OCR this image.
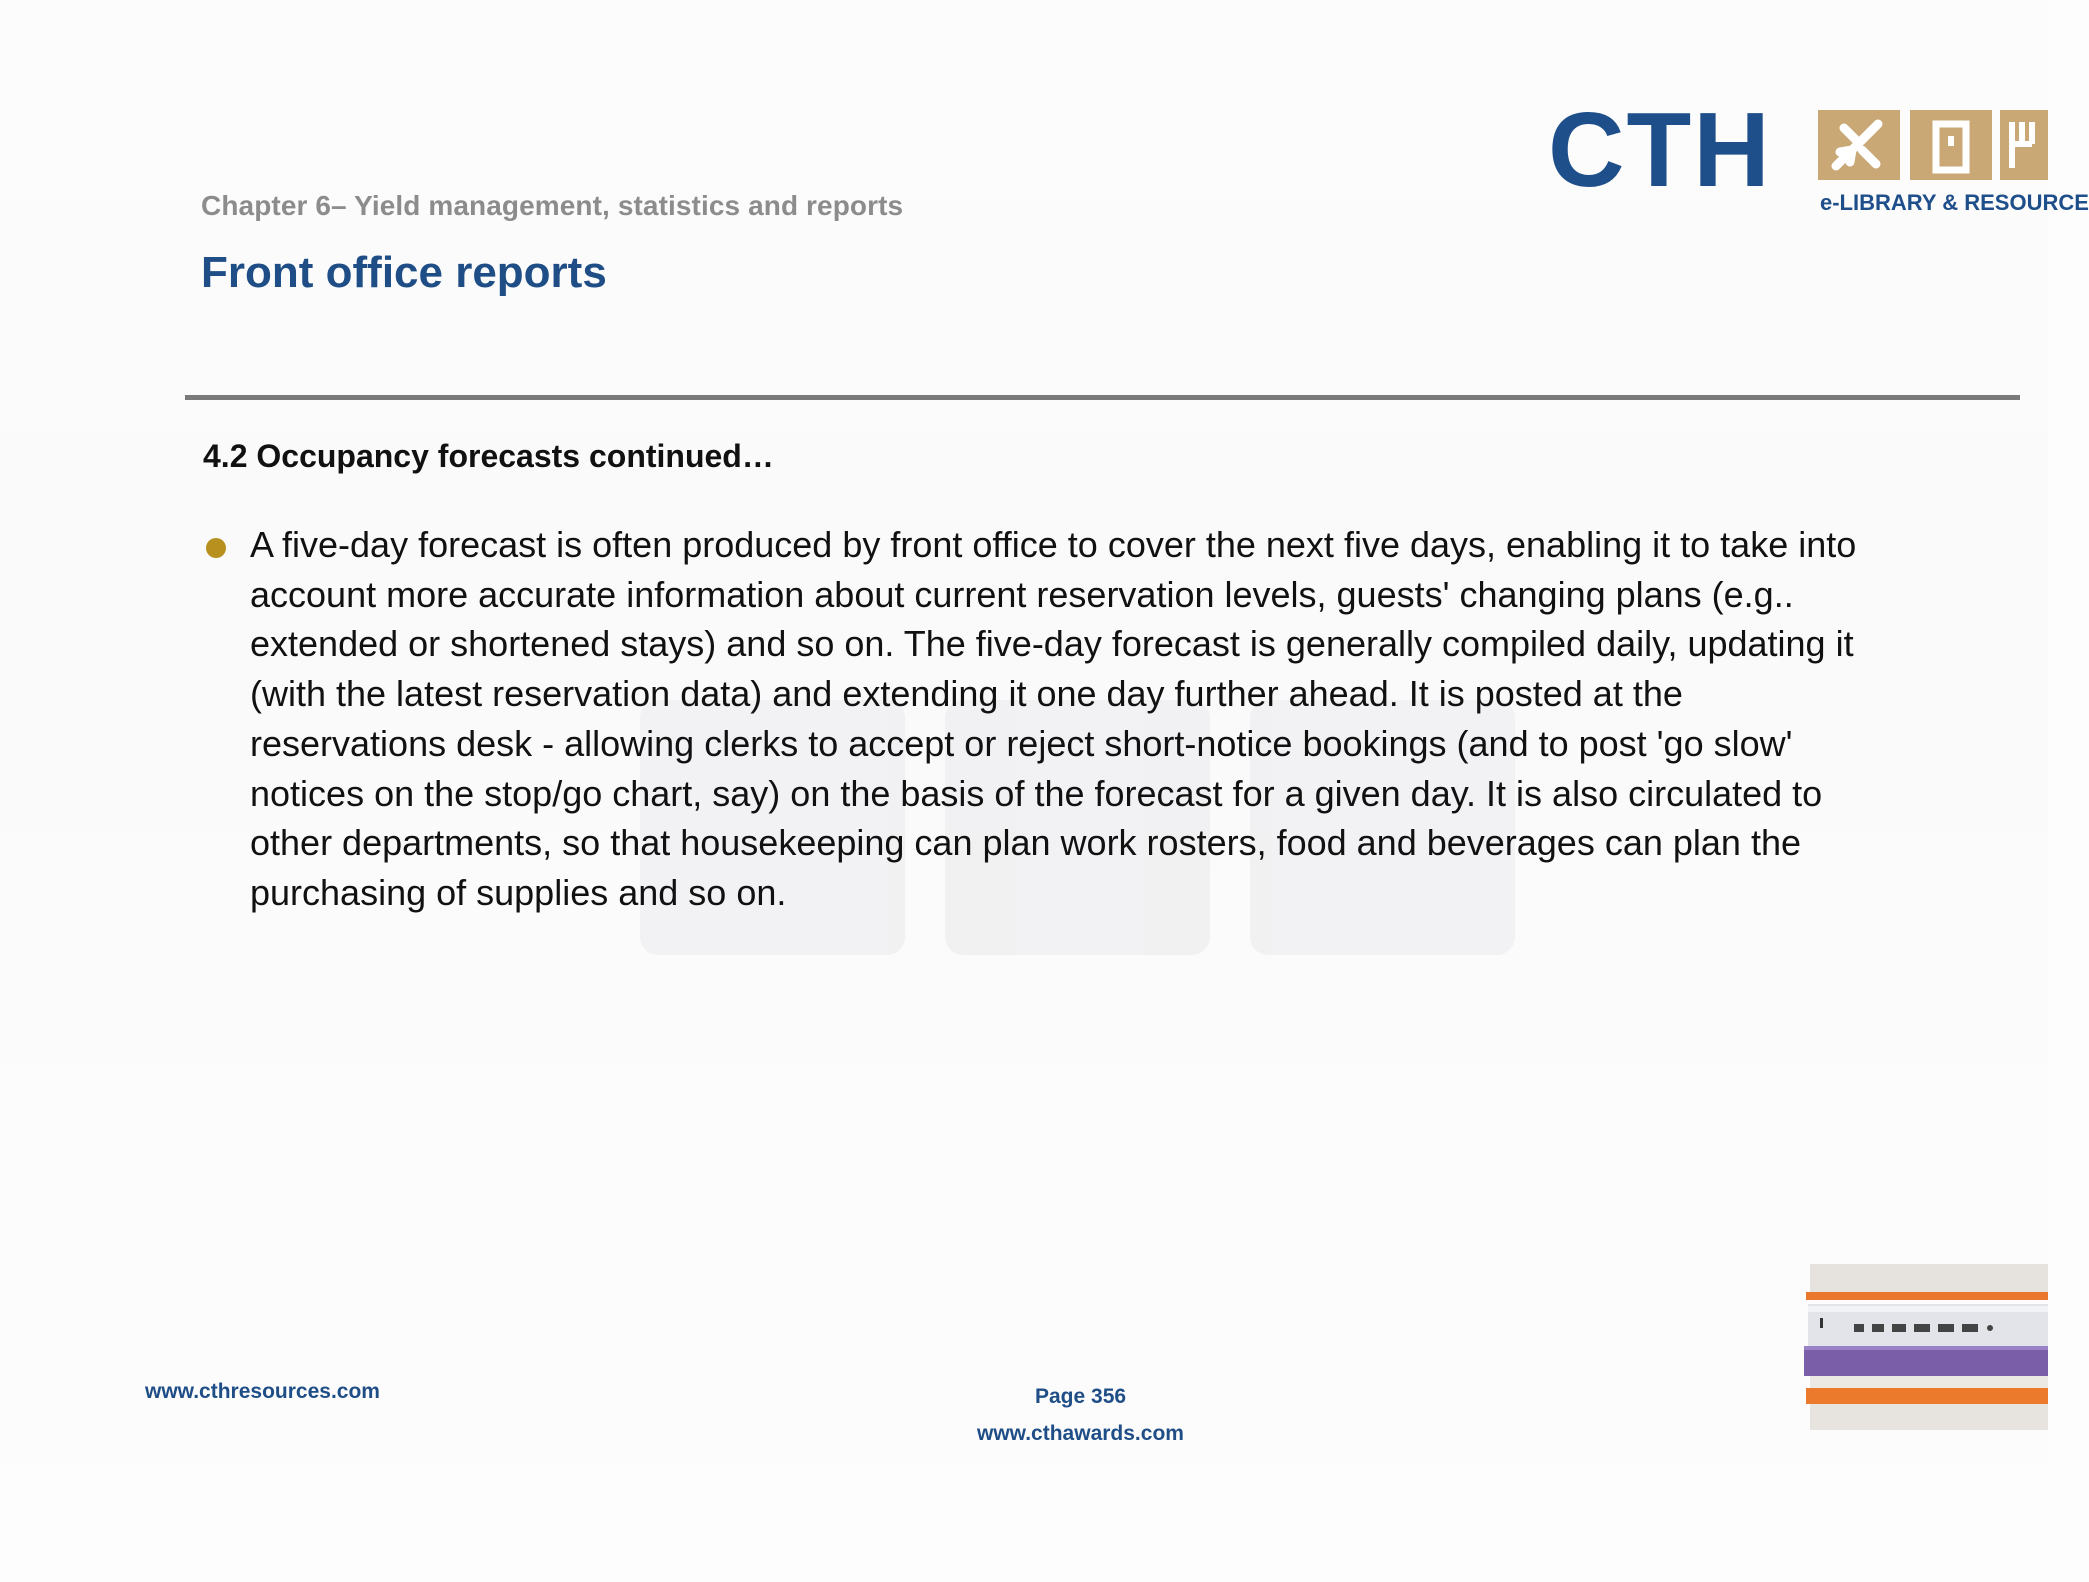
Chapter 6– Yield management, statistics and reports
Front office reports
CTH e-LIBRARY & RESOURCE
4.2 Occupancy forecasts continued…
A five-day forecast is often produced by front office to cover the next five days, enabling it to take into
account more accurate information about current reservation levels, guests' changing plans (e.g..
extended or shortened stays) and so on. The five-day forecast is generally compiled daily, updating it
(with the latest reservation data) and extending it one day further ahead. It is posted at the
reservations desk - allowing clerks to accept or reject short-notice bookings (and to post 'go slow'
notices on the stop/go chart, say) on the basis of the forecast for a given day. It is also circulated to
other departments, so that housekeeping can plan work rosters, food and beverages can plan the
purchasing of supplies and so on.
www.cthresources.com	Page 356
www.cthawards.com
